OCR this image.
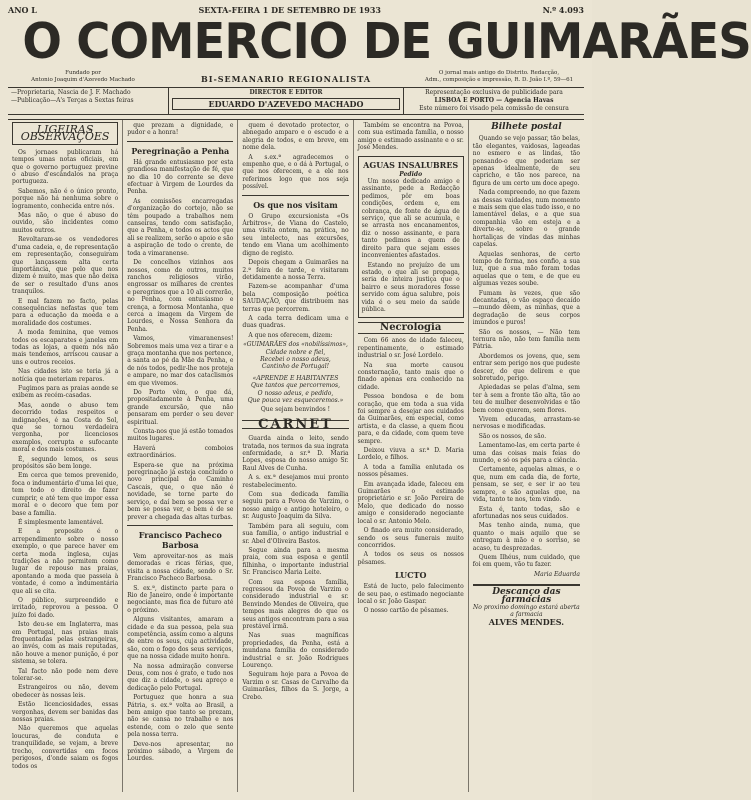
ANO L	SEXTA-FEIRA 1 DE SETEMBRO DE 1933	N.º 4.093
O COMERCIO DE GUIMARÃES
Fundado por
Antonio Joaquim d'Azevedo Machado	BI-SEMANARIO REGIONALISTA
O jornal mais antigo do Distrito. Redacção,
Adm., composição e impressão, R. D. João I.º, 59—61
—Proprietaria, Nascia de J. F. Machado
—Publicação—A's Terças a Sextas feiras
DIRECTOR E EDITOR
EDUARDO D'AZEVEDO MACHADO
Representação exclusiva de publicidade para
LISBOA E PORTO — Agencia Havas
Este número foi visado pela comissão de censura
LIGEIRAS OBSERVAÇÕES

Os jornaes publicaram há tempos umas notas oficiais, em que o governo portuguez previne o abuso d'escândalos na praça portugueza.

Sabemos, não é o único pronto, porque não há nenhuma sobre o logramento, conhecida entre nós.

Mas não, o que é abuso do ouvido, são incidentes como muitos outros.

Revoltaram-se os vendedores d'uma cadeia, e, de representação em representação, conseguiram que lançassem alta certa importância, que pelo que nos dizem é muito, mas que não deixa de ser o resultado d'uns anos tranquilos.

E mal fazem no facto, pelas consequências nefastas que tem para a educação da moeda e a moralidade dos costumes.

A moda feminina, que vemos todos os escaparates e janelas em todas as lojas, a quem nós não mais tendemos, arriscou causar a uns e outros receios.

Nas cidades isto se teria já a notícia que meteriam reparos.

Fugimos para as praias aonde se exibem as recém-casadas.

Mas, aonde o abuso tem decorrido todas respeitos e indignações, é na Costa do Sol, que se tornou verdadeira vergonha, por licenciosos exemplos, corrupta e sufocante moral e dos mais costumes.

É, segundo lemos, os seus propósitos são bem longe.

Em cerca que temos prevenido, foca o indumentário d'uma lei que, tem todo o direito de fazer cumprir, e até tem que impor essa moral e o decoro que tem por base a família.

É simplesmente lamentável.

E a proposito é o arrependimento sobre o nosso exemplo, o que parece haver em certa moda inglesa, cujas tradições a não permitem como lugar de repouso nas praias, apontando a moda que passeia à vontade, é como a indumentária que ali se cita.

O público, surpreendido e irritado, reprovou a pessoa. O juízo foi dado.

Isto deu-se em Inglaterra, mas em Portugal, nas praias mais frequentadas pelas estrangeiras, ao invés, com as mais reputadas, não houve a menor punição, é por sistema, se tolera.

Tal facto não pode nem deve tolerar-se.

Estrangeiros ou não, devem obedecer às nossas leis.

Estão licenciosidades, essas vergonhas, devem ser banidas das nossas praias.

Não queremos que aquelas loucuras, de conduta e tranquilidade, se vejam, a breve trecho, convertidas em focos perigosos, d'onde saiam os fogos todos os

que prezam a dignidade, e pudor e a honra!

Peregrinação a Penha

Há grande entusiasmo por esta grandiosa manifestação de fé, que no dia 10 do corrente se deve efectuar à Virgem de Lourdes da Penha.

As comissões encarregadas d'organização do cortejo, não se têm poupado a trabalhos nem canseiras, tendo com satisfação, que a Penha, e todos os actos que ali se realizem, serão o apoio e são a aspiração de todo o crente, de toda a vimaranense.

De concelhos vizinhos aos nossos, como de outros, muitos ranchos religiosos virão, engrossar os milhares de crentes e peregrinos que a 10 ali correrão, no Penha, com entusiasmo e crença, a formosa Montanha, que cerca a imagem da Virgem de Lourdes, e Nossa Senhora da Penha.

Vamos, vimaranenses! Sobremos mais uma vez a tirar e a graça montanha que nos pertence, a santa ao pé da Mãe da Penha, e de nós todos, pedir-lhe nos proteja e ampare, no mar dos cataclismos em que vivemos.

Do Porto vêm, o que dá, propositadamente à Penha, uma grande excursão, que não pensaram em perder o seu dever espiritual.

Consta-nos que já estão tomados muitos lugares.

Haverá comboios extraordinários.

Espera-se que na próxima peregrinação já esteja concluído o novo principal do Caminho Cascais, que, o que não é novidade, se torne parte do serviço, e daí bem se possa ver e bem se possa ver, e bem é de se prever a chegada das altas turbas.

Francisco Pacheco Barbosa

Vem aproveitar-nos as mais demoradas e ricas férias, que, visita a nossa cidade, sendo o Sr. Francisco Pacheco Barbosa.

S. ex.ª, distincto parte para o Rio de Janeiro, onde é importante negociante, mas fica de futuro até o próximo.

Alguns visitantes, amaram a cidade e da sua pessoa, pela sua competência, assim como a alguns de entre os seus, cuja actividade, são, com o fogo dos seus serviços, que na nossa cidade muito honra.

Na nossa admiração converse Deus, com nos é grato, e tudo nos que diz a cidade, o seu apreço e dedicação pelo Portugal.

Portuguez que honra a sua Pátria, s. ex.ª volta ao Brasil, a bem amigo que tanto se prezam, não se cansa no trabalho e nos estende, com o zelo que sente pela nossa terra.

Deve-nos apresentar, no próximo sábado, a Virgem de Lourdes.

quem é devotado protector, o abnegado amparo e o escudo e a alegria de todos, e em breve, em nome dela.

A s.ex.ª agradecemos o empenho que, e o dá à Portugal, o que nos oferecem, e a ele nos referimos logo que nos seja possível.

Os que nos visitam

O Grupo excursionista «Os Árbitros», de Viana do Castelo, uma visita ontem, na prática, no seu intelecto, nas excursões, tendo em Viana um acolhimento digno de registo.

Depois chegam a Guimarães na 2.ª feira de tarde, e visitaram detidamente a nossa Terra.

Fazem-se acompanhar d'uma bela composição poética SAUDAÇÃO, que distribuem nas terras que percorrem.

A cada terra dedicam uma e duas quadras.

A que nos oferecem, dizem:

«GUIMARÃES dos «nobilíssimos»,
Cidade nobre e fiel,
Recebei o nosso adeus,
Cantinho de Portugal!
«APRENDE E HABITANTES
Que tantos que percorremos,
O nosso adeus, e pedido,
Que pouca vez esqueceremos.»

Que sejam benvindos !

CARNET

Guarda ainda o leito, sendo tratada, nos termos da sua ingrata enfermidade, a sr.ª D. Maria Lopes, esposa do nosso amigo Sr. Raul Alves de Cunha.

A s. ex.ª desejamos mui pronto restabelecimento.

Com sua dedicada família seguiu para a Povoa de Varzim, o nosso amigo e antigo hoteleiro, o sr. Augusto Joaquim da Silva.

Também para ali seguiu, com sua família, o antigo industrial e sr. Abel d'Oliveira Bastos.

Segue ainda para a mesma praia, com sua esposa e gentil filhinha, o importante industrial Sr. Francisco Maria Leite.

Com sua esposa família, regressou da Povoa de Varzim o considerado industrial e sr. Benvindo Mendes de Oliveira, que tempos mais alegres do que os seus antigos encontram para a sua prestável irmã.

Nas suas magníficas propriedades, da Penha, está a mundana família do considerado industrial e sr. João Rodrigues Lourenço.

Seguiram hoje para a Povoa de Varzim o sr. Casas de Carvalho da Guimarães, filhos da S. Jorge, a Crebo.

Também se encontra na Povoa, com sua estimada família, o nosso amigo e estimado assinante e o sr. José Mendes.

AGUAS INSALUBRES
Pedido

Um nosso dedicado amigo e assinante, pede a Redacção pedimos, pôr em boas condições, ordem e, em cobrança, de fonte de água de serviço, que ali se acumula, e se arrasta nos encanamentos, diz o nosso assinante, e para tanto pedimos a quem de direito para que sejam esses inconvenientes afastados.

Estando no prejuízo de um estado, o que ali se propaga, seria de inteira justiça que o bairro e seus moradores fosse servido com água salubre, pois vida é o seu meio da saúde pública.

Necrologia

Com 66 anos de idade faleceu, repentinamente, o estimado industrial o sr. José Lordelo.

Na sua morte causou consternação, tanto mais que o finado apenas era conhecido na cidade.

Pessoa bondosa e de bom coração, que em toda a sua vida foi sempre a desejar aos cuidados da Guimarães, em especial, como artista, e da classe, a quem ficou para, e da cidade, com quem teve sempre.

Deixou viuva a sr.ª D. Maria Lordelo, e filhos.

A toda a família enlutada os nossos pêsames.

Em avançada idade, faleceu em Guimarães o estimado proprietário e sr. João Pereira de Melo, que dedicado do nosso amigo e considerado negociante local o sr. Antonio Melo.

O finado era muito considerado, sendo os seus funerais muito concorridos.

A todos os seus os nossos pêsames.

LUCTO

Está de lucto, pelo falecimento de seu pae, o estimado negociante local o sr. João Gaspar.

O nosso cartão de pêsames.

Bilhete postal

Quando se vejo passar, tão belas, tão elegantes, vaidosas, lageadas no esmero e as lindas, tão pensando-o que poderiam ser apenas idealmente, de seu capricho, e tão nos parece, na figura de um certo um doce apego.

Nada compreendo, no que fazem as dessas vaidades, num momento e mais sem que elas tudo isso, e no lamentável delas, e a que sua companhia vão em esteja e a diverte-se, sobre o grande hortaliças de vindas das minhas capelas.

Aquelas senhoras, de certo tempo de forma, nos confio, a sua luz, que a sua mão foram todas aquelas que o tem, e de que eu algumas vezes soube.

Fumam às vezes, que são decantadas, o vão espaço decaído—mundo dêem, as minhas, que a degradação de seus corpos imundos e puros!

São os nossos, — Não tem ternura não, não tem família nem Pátria.

Abordemos os jovens, que, sem entrar sem perigo nos que pudeste descer, do que delirem e que sobretudo, perigo.

Apiedadas se pelas d'alma, sem ter à sem a fronte tão alta, tão ao teu de mulher desenvolvidas e tão bem como querem, sem flores.

Vivem educadas, arrastam-se nervosas e modificadas.

São os nossos, de são.

Lamentamo-las, em certa parte é uma das coisas mais feias do mundo, e só os pés para a ciência.

Certamente, aquelas almas, e o que, num em cada dia, de forte, pensam, se ser, e ser ir ao teu sempre, e são aquelas que, na vida, tanto te nos, tem vindo.

Esta é, tanto todas, são e afortunadas nos seus cuidados.

Mas tenho ainda, numa, que quanto o mais aquilo que se entregam à mão e o sorriso, se acaso, tu desprezadas.

Quem Ilhéus, num cuidado, que foi em quem, vão tu fazer.

Maria Eduarda
Descanço das farmacias
No proximo domingo estará aberta a farmacia
ALVES MENDES.
